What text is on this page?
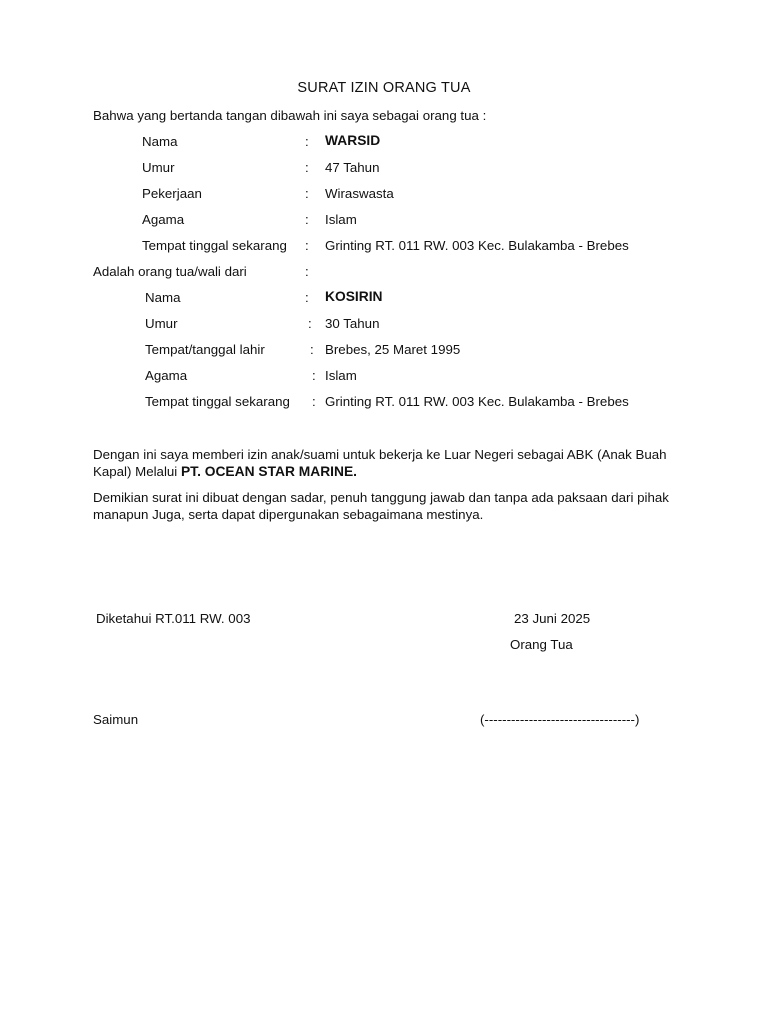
SURAT IZIN ORANG TUA
Bahwa yang bertanda tangan dibawah ini saya sebagai orang tua :
Nama	: WARSID
Umur	: 47 Tahun
Pekerjaan	: Wiraswasta
Agama	: Islam
Tempat tinggal sekarang : Grinting RT. 011 RW. 003 Kec. Bulakamba - Brebes
Adalah orang tua/wali dari	:
Nama	: KOSIRIN
Umur	: 30 Tahun
Tempat/tanggal lahir	: Brebes, 25 Maret 1995
Agama	: Islam
Tempat tinggal sekarang : Grinting RT. 011 RW. 003 Kec. Bulakamba - Brebes
Dengan ini saya memberi izin anak/suami untuk bekerja ke Luar Negeri sebagai ABK (Anak Buah Kapal) Melalui PT. OCEAN STAR MARINE.
Demikian surat ini dibuat dengan sadar, penuh tanggung jawab dan tanpa ada paksaan dari pihak manapun Juga, serta dapat dipergunakan sebagaimana mestinya.
Diketahui RT.011 RW. 003	23 Juni 2025
Orang Tua
Saimun	(----------------------------------)
